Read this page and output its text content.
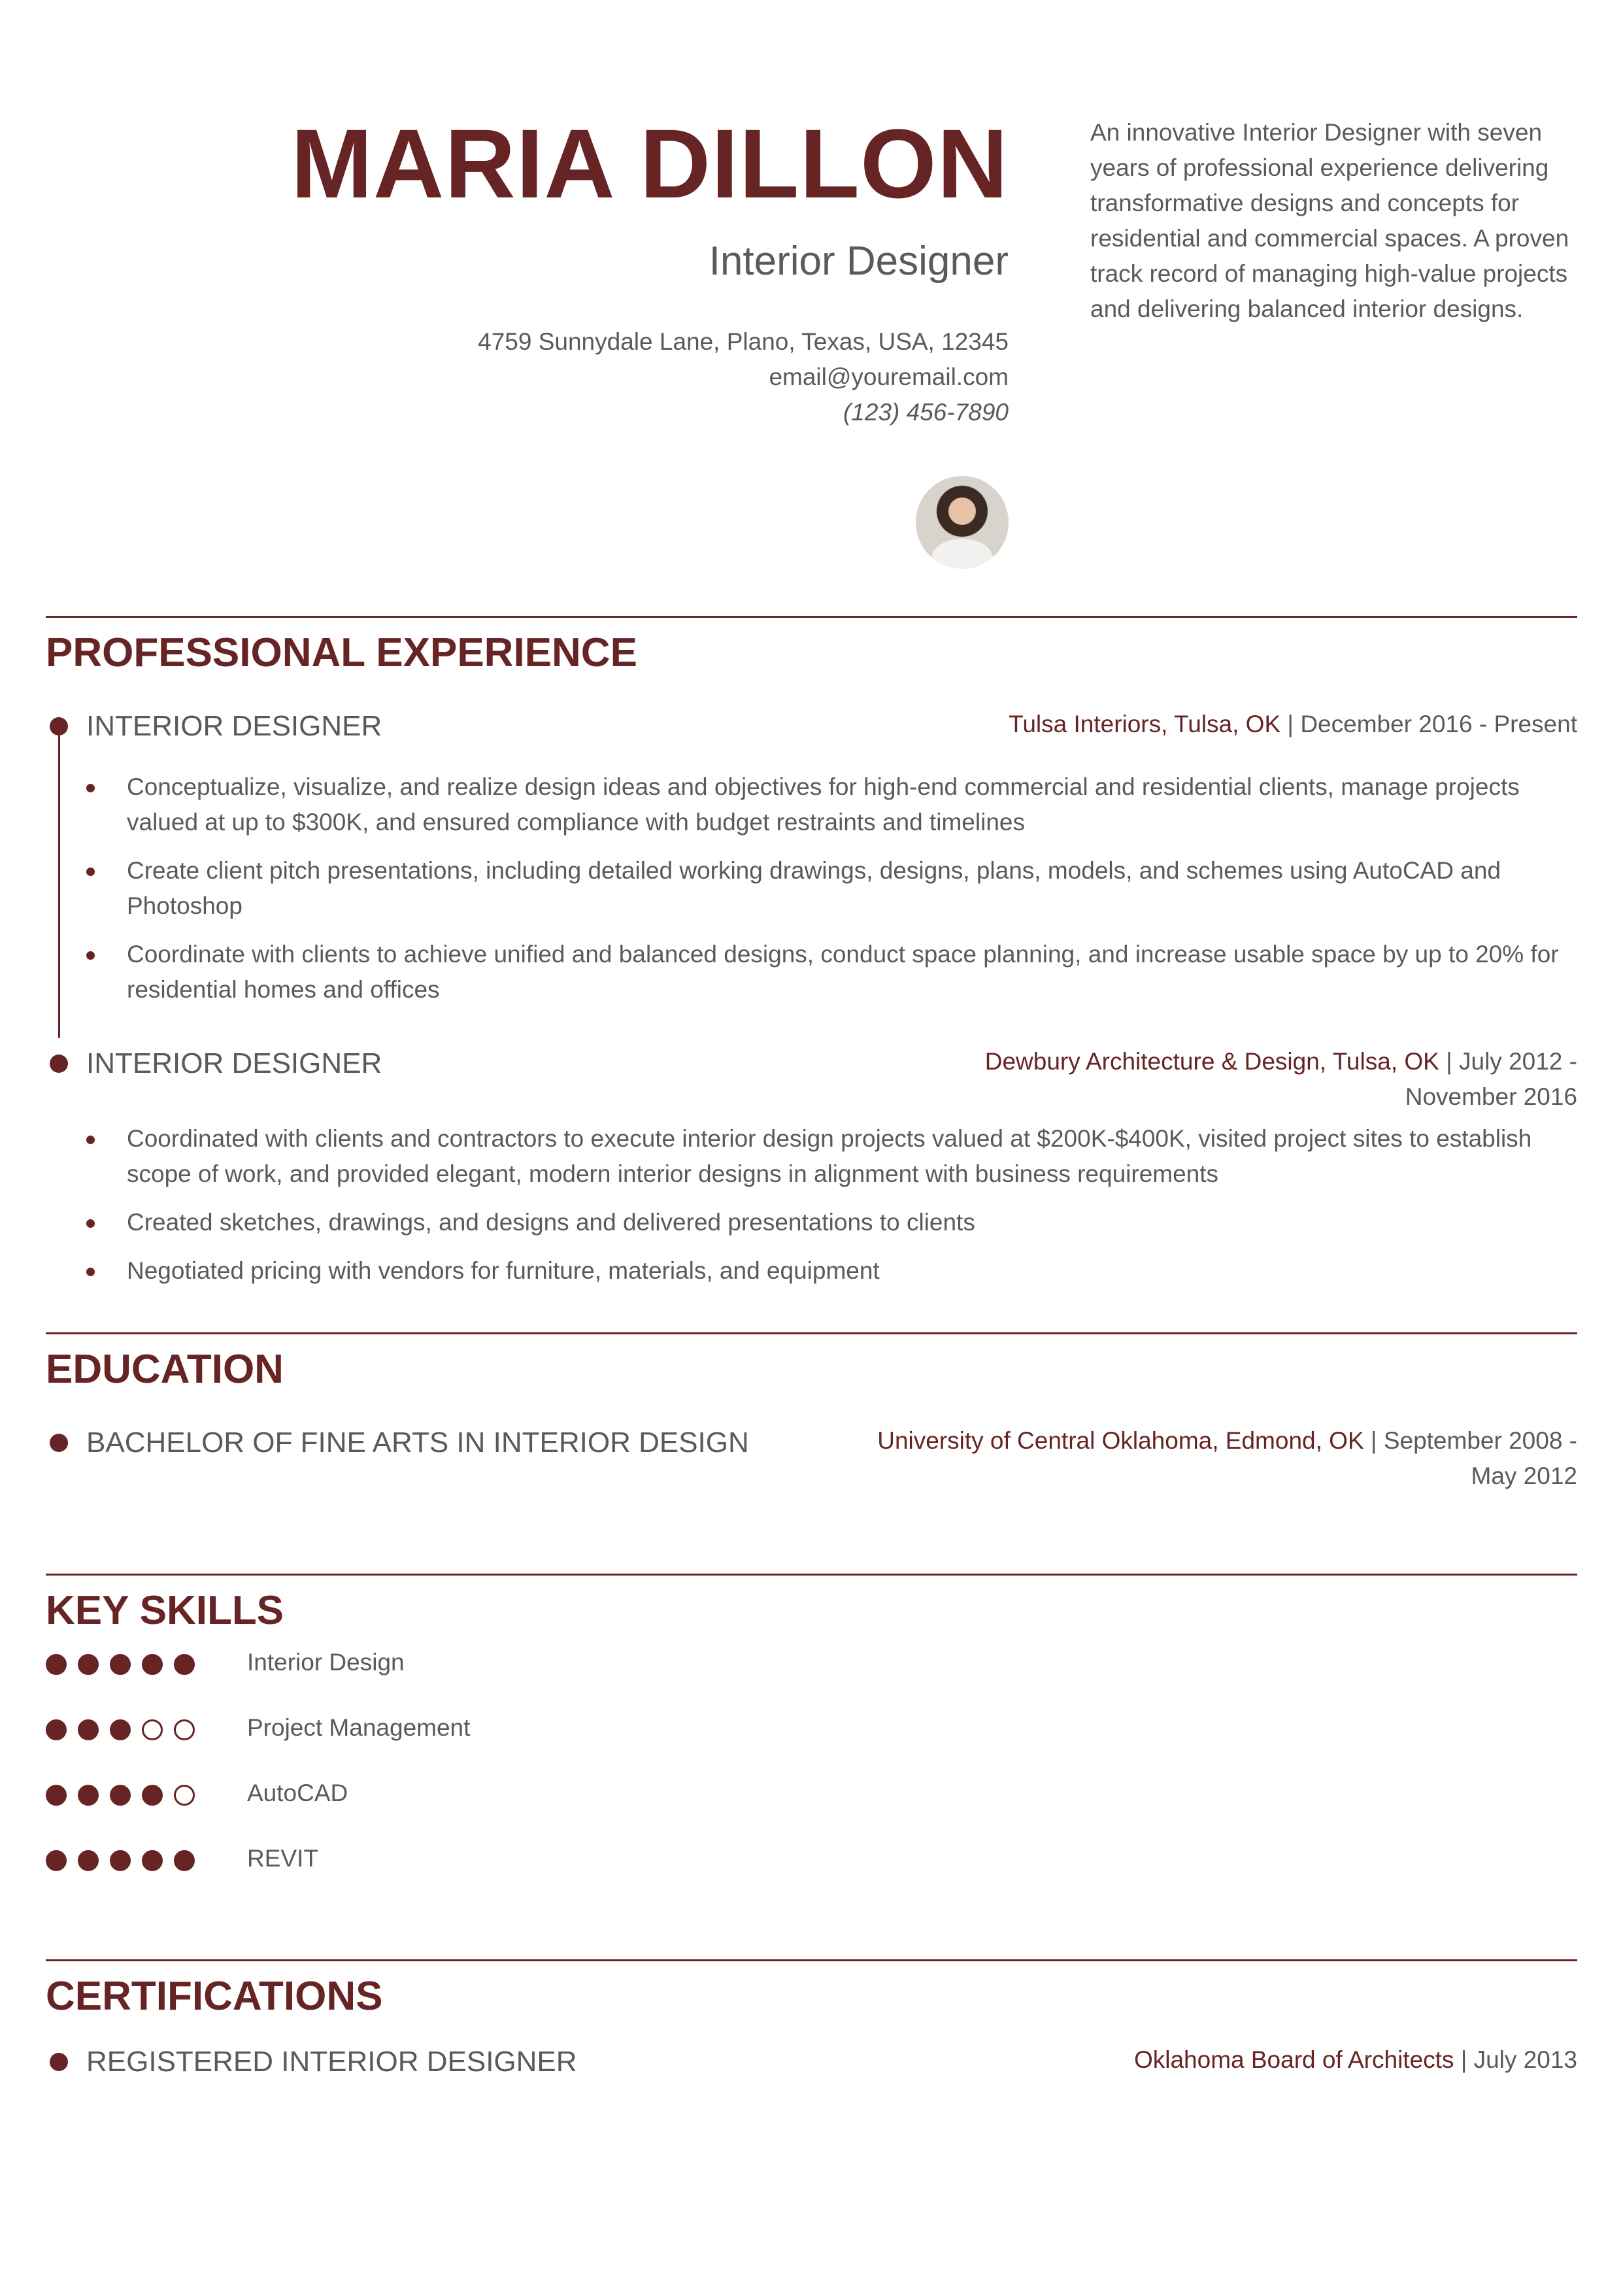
MARIA DILLON
Interior Designer
4759 Sunnydale Lane, Plano, Texas, USA, 12345
email@youremail.com
(123) 456-7890
An innovative Interior Designer with seven years of professional experience delivering transformative designs and concepts for residential and commercial spaces. A proven track record of managing high-value projects and delivering balanced interior designs.
PROFESSIONAL EXPERIENCE
INTERIOR DESIGNER	Tulsa Interiors, Tulsa, OK | December 2016 - Present
Conceptualize, visualize, and realize design ideas and objectives for high-end commercial and residential clients, manage projects valued at up to $300K, and ensured compliance with budget restraints and timelines
Create client pitch presentations, including detailed working drawings, designs, plans, models, and schemes using AutoCAD and Photoshop
Coordinate with clients to achieve unified and balanced designs, conduct space planning, and increase usable space by up to 20% for residential homes and offices
INTERIOR DESIGNER	Dewbury Architecture & Design, Tulsa, OK | July 2012 - November 2016
Coordinated with clients and contractors to execute interior design projects valued at $200K-$400K, visited project sites to establish scope of work, and provided elegant, modern interior designs in alignment with business requirements
Created sketches, drawings, and designs and delivered presentations to clients
Negotiated pricing with vendors for furniture, materials, and equipment
EDUCATION
BACHELOR OF FINE ARTS IN INTERIOR DESIGN	University of Central Oklahoma, Edmond, OK | September 2008 - May 2012
KEY SKILLS
Interior Design
Project Management
AutoCAD
REVIT
CERTIFICATIONS
REGISTERED INTERIOR DESIGNER	Oklahoma Board of Architects | July 2013
